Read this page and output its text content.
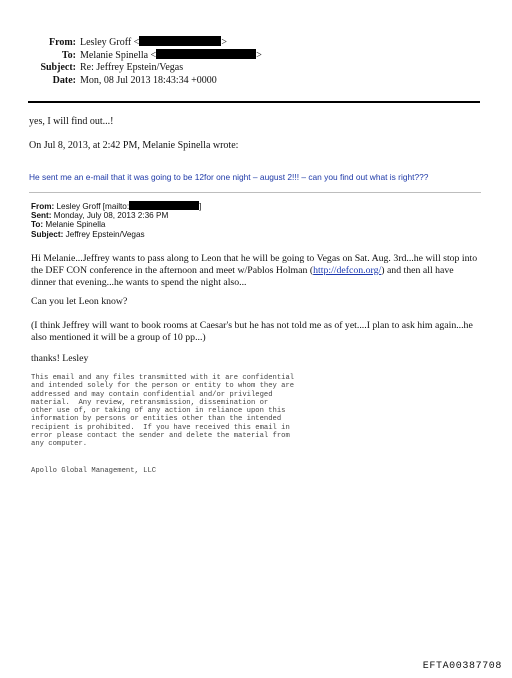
From: Lesley Groff <	>
To: Melanie Spinella <	>
Subject: Re: Jeffrey Epstein/Vegas
Date: Mon, 08 Jul 2013 18:43:34 +0000
yes, I will find out...!
On Jul 8, 2013, at 2:42 PM, Melanie Spinella wrote:
He sent me an e-mail that it was going to be 12for one night – august 2!!! – can you find out what is right???
From: Lesley Groff [mailto:	]
Sent: Monday, July 08, 2013 2:36 PM
To: Melanie Spinella
Subject: Jeffrey Epstein/Vegas
Hi Melanie...Jeffrey wants to pass along to Leon that he will be going to Vegas on Sat. Aug. 3rd...he will stop into the DEF CON conference in the afternoon and meet w/Pablos Holman (http://defcon.org/) and then all have dinner that evening...he wants to spend the night also...
Can you let Leon know?
(I think Jeffrey will want to book rooms at Caesar's but he has not told me as of yet....I plan to ask him again...he also mentioned it will be a group of 10 pp...)
thanks! Lesley
This email and any files transmitted with it are confidential
and intended solely for the person or entity to whom they are
addressed and may contain confidential and/or privileged
material.  Any review, retransmission, dissemination or
other use of, or taking of any action in reliance upon this
information by persons or entities other than the intended
recipient is prohibited.  If you have received this email in
error please contact the sender and delete the material from
any computer.
Apollo Global Management, LLC
EFTA00387708
